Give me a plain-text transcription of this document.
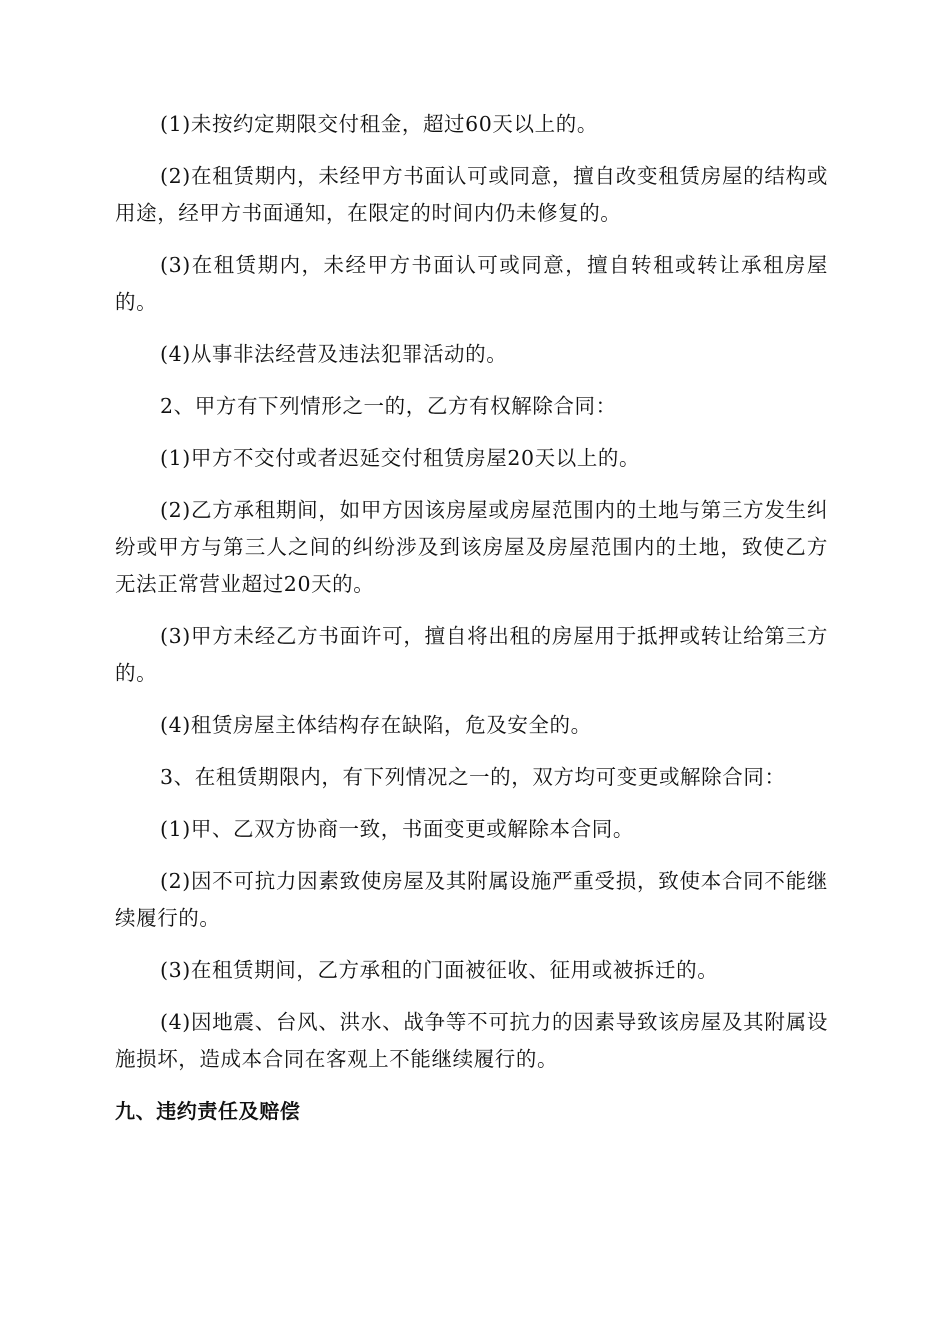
(1)未按约定期限交付租金，超过60天以上的。

(2)在租赁期内，未经甲方书面认可或同意，擅自改变租赁房屋的结构或用途，经甲方书面通知，在限定的时间内仍未修复的。

(3)在租赁期内，未经甲方书面认可或同意，擅自转租或转让承租房屋的。

(4)从事非法经营及违法犯罪活动的。

2、甲方有下列情形之一的，乙方有权解除合同：

(1)甲方不交付或者迟延交付租赁房屋20天以上的。

(2)乙方承租期间，如甲方因该房屋或房屋范围内的土地与第三方发生纠纷或甲方与第三人之间的纠纷涉及到该房屋及房屋范围内的土地，致使乙方无法正常营业超过20天的。

(3)甲方未经乙方书面许可，擅自将出租的房屋用于抵押或转让给第三方的。

(4)租赁房屋主体结构存在缺陷，危及安全的。

3、在租赁期限内，有下列情况之一的，双方均可变更或解除合同：

(1)甲、乙双方协商一致，书面变更或解除本合同。

(2)因不可抗力因素致使房屋及其附属设施严重受损，致使本合同不能继续履行的。

(3)在租赁期间，乙方承租的门面被征收、征用或被拆迁的。

(4)因地震、台风、洪水、战争等不可抗力的因素导致该房屋及其附属设施损坏，造成本合同在客观上不能继续履行的。

九、违约责任及赔偿
